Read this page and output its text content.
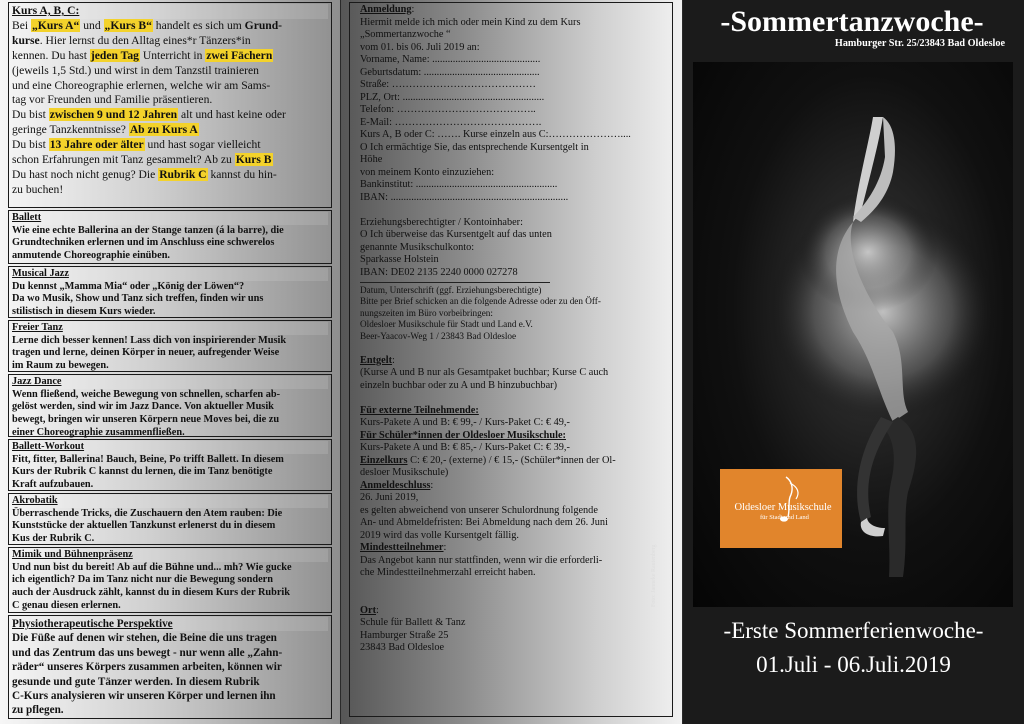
Kurs A, B, C:

Bei „Kurs A“ und „Kurs B“ handelt es sich um Grund-

kurse. Hier lernst du den Alltag eines*r Tänzers*in

kennen. Du hast jeden Tag Unterricht in zwei Fächern

(jeweils 1,5 Std.) und wirst in dem Tanzstil trainieren

und eine Choreographie erlernen, welche wir am Sams-

tag vor Freunden und Familie präsentieren.

Du bist zwischen 9 und 12 Jahren alt und hast keine oder

geringe Tanzkenntnisse? Ab zu Kurs A

Du bist 13 Jahre oder älter und hast sogar vielleicht

schon Erfahrungen mit Tanz gesammelt? Ab zu Kurs B

Du hast noch nicht genug? Die Rubrik C kannst du hin-

zu buchen!

Ballett

Wie eine echte Ballerina an der Stange tanzen (á la barre), die

Grundtechniken erlernen und im Anschluss eine schwerelos

anmutende Choreographie einüben.

Musical Jazz

Du kennst „Mamma Mia“ oder „König der Löwen“?

Da wo Musik, Show und Tanz sich treffen, finden wir uns

stilistisch in diesem Kurs wieder.

Freier Tanz

Lerne dich besser kennen! Lass dich von inspirierender Musik

tragen und lerne, deinen Körper in neuer, aufregender Weise

im Raum zu bewegen.

Jazz Dance

Wenn fließend, weiche Bewegung von schnellen, scharfen ab-

gelöst werden, sind wir im Jazz Dance. Von aktueller Musik

bewegt, bringen wir unseren Körpern neue Moves bei, die zu

einer Choreographie zusammenfließen.

Ballett-Workout

Fitt, fitter, Ballerina! Bauch, Beine, Po trifft Ballett. In diesem

Kurs der Rubrik C kannst du lernen, die im Tanz benötigte

Kraft aufzubauen.

Akrobatik

Überraschende Tricks, die Zuschauern den Atem rauben: Die

Kunststücke der aktuellen Tanzkunst erlenerst du in diesem

Kus der Rubrik C.

Mimik und Bühnenpräsenz

Und nun bist du bereit! Ab auf die Bühne und... mh? Wie gucke

ich eigentlich? Da im Tanz nicht nur die Bewegung sondern

auch der Ausdruck zählt, kannst du in diesem Kurs der Rubrik

C genau diesen erlernen.

Physiotherapeutische Perspektive

Die Füße auf denen wir stehen, die Beine die uns tragen

und das Zentrum das uns bewegt - nur wenn alle „Zahn-

räder“ unseres Körpers zusammen arbeiten, können wir

gesunde und gute Tänzer werden. In diesem Rubrik

C-Kurs analysieren wir unseren Körper und lernen ihn

zu pflegen.

Anmeldung:

Hiermit melde ich mich oder mein Kind zu dem Kurs

„Sommertanzwoche “

vom 01. bis 06. Juli 2019 an:

Vorname, Name: ..........................................

Geburtsdatum: .............................................

Straße: ……………………………………

PLZ, Ort: .......................................................

Telefon: …………………………………..

E-Mail: …………………………………….

Kurs A, B oder C: ……. Kurse einzeln aus C:…………………....

O Ich ermächtige Sie, das entsprechende Kursentgelt in

Höhe

von meinem Konto einzuziehen:

Bankinstitut: .......................................................

IBAN: .....................................................................

Erziehungsberechtigter / Kontoinhaber:

O Ich überweise das Kursentgelt auf das unten

genannte Musikschulkonto:

Sparkasse Holstein

IBAN: DE02 2135 2240 0000 027278

Datum, Unterschrift (ggf. Erziehungsberechtigte)

Bitte per Brief schicken an die folgende Adresse oder zu den Öff-

nungszeiten im Büro vorbeibringen:

Oldesloer Musikschule für Stadt und Land e.V.

Beer-Yaacov-Weg 1 / 23843 Bad Oldesloe

Entgelt:

(Kurse A und B nur als Gesamtpaket buchbar; Kurse C auch

einzeln buchbar oder zu A und B hinzubuchbar)

Für externe Teilnehmende:

Kurs-Pakete A und B: € 99,- / Kurs-Paket C: € 49,-

Für Schüler*innen der Oldesloer Musikschule:

Kurs-Pakete A und B: € 85,- / Kurs-Paket C: € 39,-

Einzelkurs C: € 20,- (externe) / € 15,- (Schüler*innen der Ol-

desloer Musikschule)

Anmeldeschluss:

26. Juni 2019,

es gelten abweichend von unserer Schulordnung folgende

An- und Abmeldefristen: Bei Abmeldung nach dem 26. Juni

2019 wird das volle Kursentgelt fällig.

Mindestteilnehmer:

Das Angebot kann nur stattfinden, wenn wir die erforderli-

che Mindestteilnehmerzahl erreicht haben.

Ort:

Schule für Ballett & Tanz

Hamburger Straße 25

23843 Bad Oldesloe

-Sommertanzwoche-
Hamburger Str. 25/23843 Bad Oldesloe
Foto: Janneke Rautenberg
Oldesloer Musikschule
für Stadt und Land
-Erste Sommerferienwoche-
01.Juli - 06.Juli.2019
